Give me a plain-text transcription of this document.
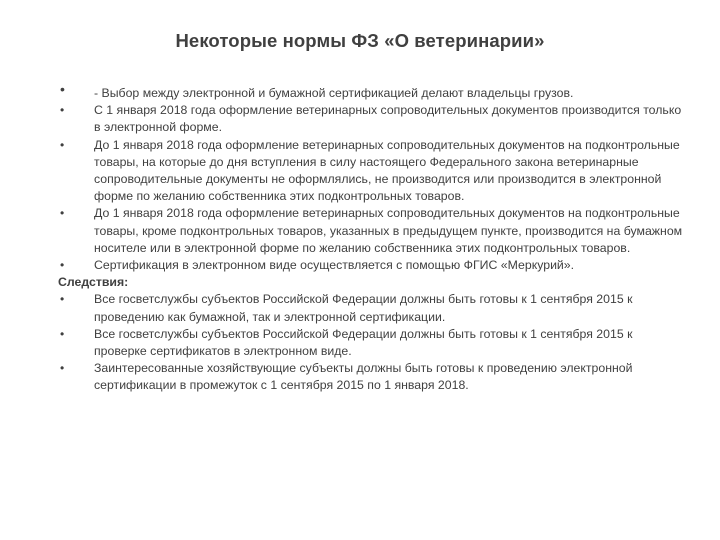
Некоторые нормы ФЗ «О ветеринарии»
• - Выбор между электронной и бумажной сертификацией делают владельцы грузов.
• С 1 января 2018 года оформление ветеринарных сопроводительных документов производится только в электронной форме.
• До 1 января 2018 года оформление ветеринарных сопроводительных документов на подконтрольные товары, на которые до дня вступления в силу настоящего Федерального закона ветеринарные сопроводительные документы не оформлялись, не производится или производится в электронной форме по желанию собственника этих подконтрольных товаров.
• До 1 января 2018 года оформление ветеринарных сопроводительных документов на подконтрольные товары, кроме подконтрольных товаров, указанных в предыдущем пункте, производится на бумажном носителе или в электронной форме по желанию собственника этих подконтрольных товаров.
• Сертификация в электронном виде осуществляется с помощью ФГИС «Меркурий».
Следствия:
• Все госветслужбы субъектов Российской Федерации должны быть готовы к 1 сентября 2015 к проведению как бумажной, так и электронной сертификации.
• Все госветслужбы субъектов Российской Федерации должны быть готовы к 1 сентября 2015 к проверке сертификатов в электронном виде.
• Заинтересованные хозяйствующие субъекты должны быть готовы к проведению электронной сертификации в промежуток с 1 сентября 2015 по 1 января 2018.
